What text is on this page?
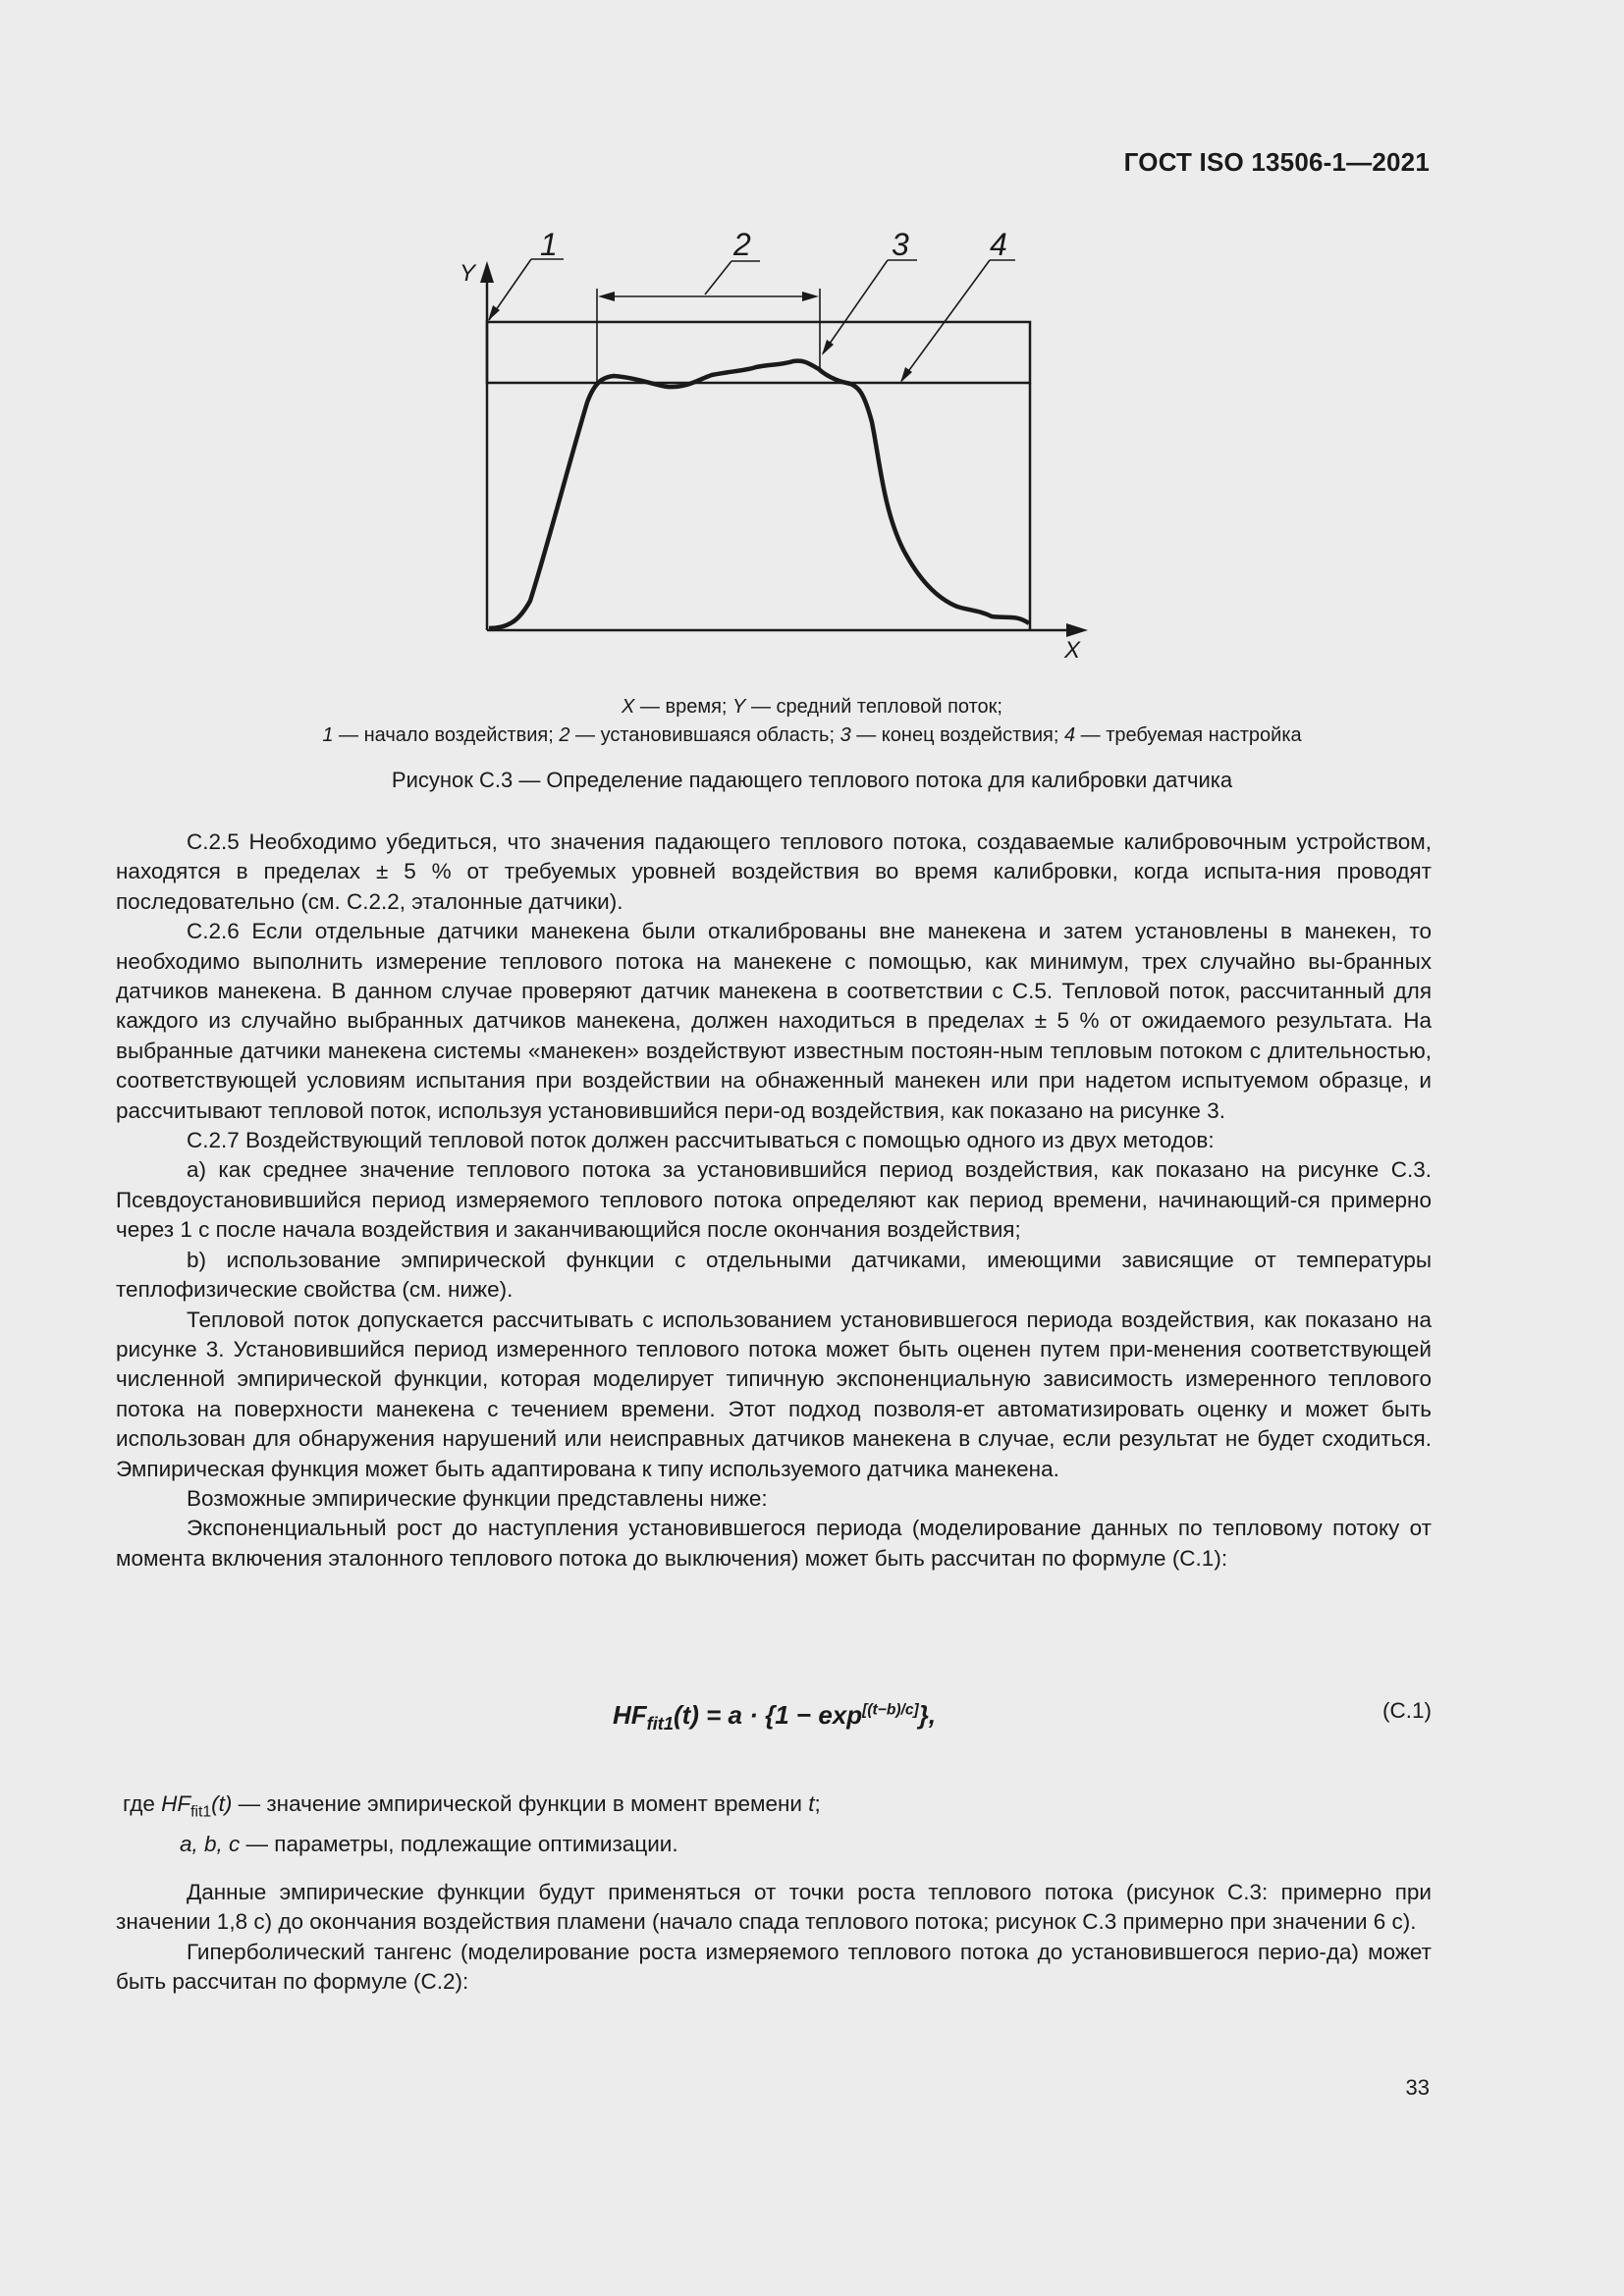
ГОСТ ISO 13506-1—2021
Y
X
1	2	3	4
X — время; Y — средний тепловой поток;
1 — начало воздействия; 2 — установившаяся область; 3 — конец воздействия; 4 — требуемая настройка
Рисунок С.3 — Определение падающего теплового потока для калибровки датчика

С.2.5 Необходимо убедиться, что значения падающего теплового потока, создаваемые калибровочным устройством, находятся в пределах ± 5 % от требуемых уровней воздействия во время калибровки, когда испыта-ния проводят последовательно (см. С.2.2, эталонные датчики).

С.2.6 Если отдельные датчики манекена были откалиброваны вне манекена и затем установлены в манекен, то необходимо выполнить измерение теплового потока на манекене с помощью, как минимум, трех случайно вы-бранных датчиков манекена. В данном случае проверяют датчик манекена в соответствии с С.5. Тепловой поток, рассчитанный для каждого из случайно выбранных датчиков манекена, должен находиться в пределах ± 5 % от ожидаемого результата. На выбранные датчики манекена системы «манекен» воздействуют известным постоян-ным тепловым потоком с длительностью, соответствующей условиям испытания при воздействии на обнаженный манекен или при надетом испытуемом образце, и рассчитывают тепловой поток, используя установившийся пери-од воздействия, как показано на рисунке 3.

С.2.7 Воздействующий тепловой поток должен рассчитываться с помощью одного из двух методов:

a) как среднее значение теплового потока за установившийся период воздействия, как показано на рисунке С.3. Псевдоустановившийся период измеряемого теплового потока определяют как период времени, начинающий-ся примерно через 1 с после начала воздействия и заканчивающийся после окончания воздействия;

b) использование эмпирической функции с отдельными датчиками, имеющими зависящие от температуры теплофизические свойства (см. ниже).

Тепловой поток допускается рассчитывать с использованием установившегося периода воздействия, как показано на рисунке 3. Установившийся период измеренного теплового потока может быть оценен путем при-менения соответствующей численной эмпирической функции, которая моделирует типичную экспоненциальную зависимость измеренного теплового потока на поверхности манекена с течением времени. Этот подход позволя-ет автоматизировать оценку и может быть использован для обнаружения нарушений или неисправных датчиков манекена в случае, если результат не будет сходиться. Эмпирическая функция может быть адаптирована к типу используемого датчика манекена.

Возможные эмпирические функции представлены ниже:

Экспоненциальный рост до наступления установившегося периода (моделирование данных по тепловому потоку от момента включения эталонного теплового потока до выключения) может быть рассчитан по формуле (С.1):

$HF_{fit1}(t) = a \cdot \{1 - \exp[(t-b)/c]\}$,	(С.1)
где $HF_{fit1}(t)$ — значение эмпирической функции в момент времени t;
a, b, c — параметры, подлежащие оптимизации.

Данные эмпирические функции будут применяться от точки роста теплового потока (рисунок С.3: примерно при значении 1,8 с) до окончания воздействия пламени (начало спада теплового потока; рисунок С.3 примерно при значении 6 с).

Гиперболический тангенс (моделирование роста измеряемого теплового потока до установившегося перио-да) может быть рассчитан по формуле (С.2):

33
